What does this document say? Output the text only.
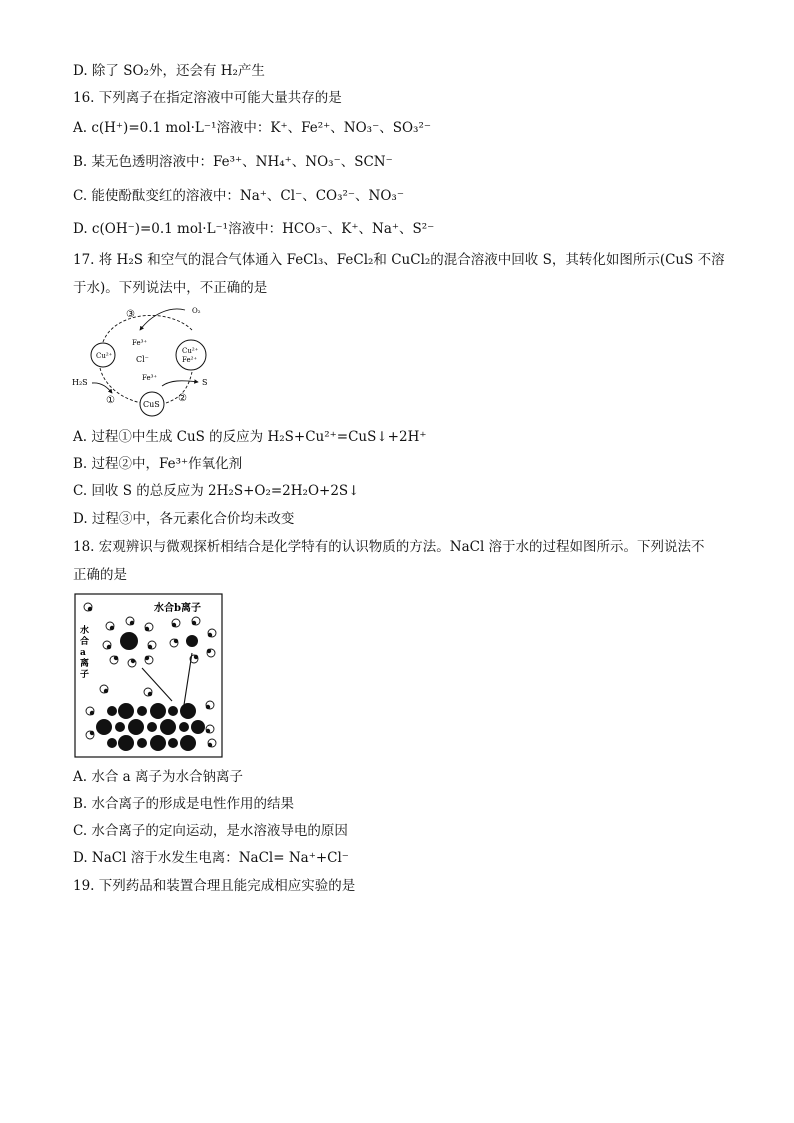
D. 除了 SO₂外，还会有 H₂产生
16. 下列离子在指定溶液中可能大量共存的是
A. c(H⁺)=0.1 mol·L⁻¹溶液中：K⁺、Fe²⁺、NO₃⁻、SO₃²⁻
B. 某无色透明溶液中：Fe³⁺、NH₄⁺、NO₃⁻、SCN⁻
C. 能使酚酞变红的溶液中：Na⁺、Cl⁻、CO₃²⁻、NO₃⁻
D. c(OH⁻)=0.1 mol·L⁻¹溶液中：HCO₃⁻、K⁺、Na⁺、S²⁻
17. 将 H₂S 和空气的混合气体通入 FeCl₃、FeCl₂和 CuCl₂的混合溶液中回收 S，其转化如图所示(CuS 不溶
于水)。下列说法中，不正确的是
O₂
③
Fe³⁺
Cl⁻
Cu²⁺
Cu²⁺
Fe²⁺
Fe³⁺
H₂S	S
①	②
CuS
A. 过程①中生成 CuS 的反应为 H₂S+Cu²⁺=CuS↓+2H⁺
B. 过程②中，Fe³⁺作氧化剂
C. 回收 S 的总反应为 2H₂S+O₂=2H₂O+2S↓
D. 过程③中，各元素化合价均未改变
18. 宏观辨识与微观探析相结合是化学特有的认识物质的方法。NaCl 溶于水的过程如图所示。下列说法不
正确的是
水合b离子
水
合
a
离
子
A. 水合 a 离子为水合钠离子
B. 水合离子的形成是电性作用的结果
C. 水合离子的定向运动，是水溶液导电的原因
D. NaCl 溶于水发生电离：NaCl= Na⁺+Cl⁻
19. 下列药品和装置合理且能完成相应实验的是
